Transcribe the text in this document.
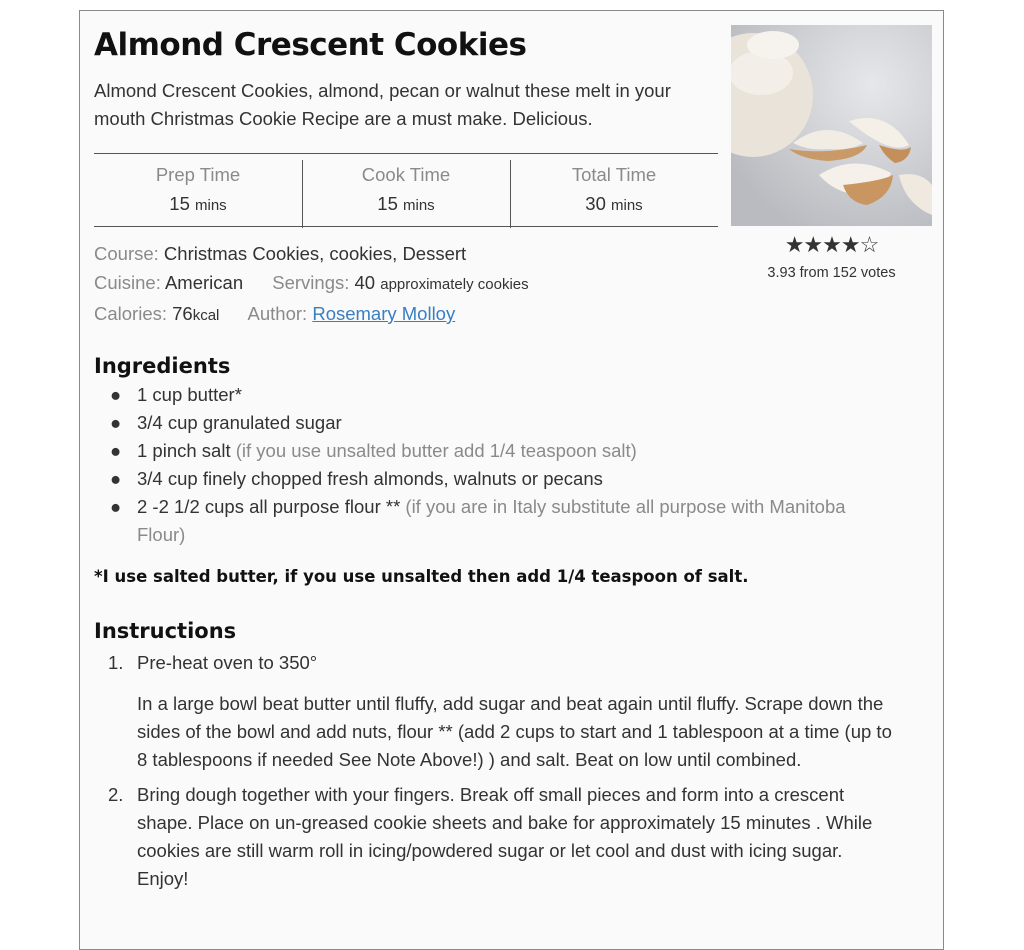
Almond Crescent Cookies

Almond Crescent Cookies, almond, pecan or walnut these melt in your mouth Christmas Cookie Recipe are a must make. Delicious.

Prep Time
15 mins
Cook Time
15 mins
Total Time
30 mins
Course: Christmas Cookies, cookies, Dessert
Cuisine: American Servings: 40 approximately cookies
Calories: 76kcal Author: Rosemary Molloy
★★★★☆
3.93 from 152 votes
Ingredients
● 1 cup butter*
● 3/4 cup granulated sugar
● 1 pinch salt (if you use unsalted butter add 1/4 teaspoon salt)
● 3/4 cup finely chopped fresh almonds, walnuts or pecans
● 2 -2 1/2 cups all purpose flour ** (if you are in Italy substitute all purpose with Manitoba Flour)

*I use salted butter, if you use unsalted then add 1/4 teaspoon of salt.

Instructions
1. Pre-heat oven to 350°

In a large bowl beat butter until fluffy, add sugar and beat again until fluffy. Scrape down the sides of the bowl and add nuts, flour ** (add 2 cups to start and 1 tablespoon at a time (up to 8 tablespoons if needed See Note Above!) ) and salt. Beat on low until combined.

2. Bring dough together with your fingers. Break off small pieces and form into a crescent shape. Place on un-greased cookie sheets and bake for approximately 15 minutes . While cookies are still warm roll in icing/powdered sugar or let cool and dust with icing sugar. Enjoy!
